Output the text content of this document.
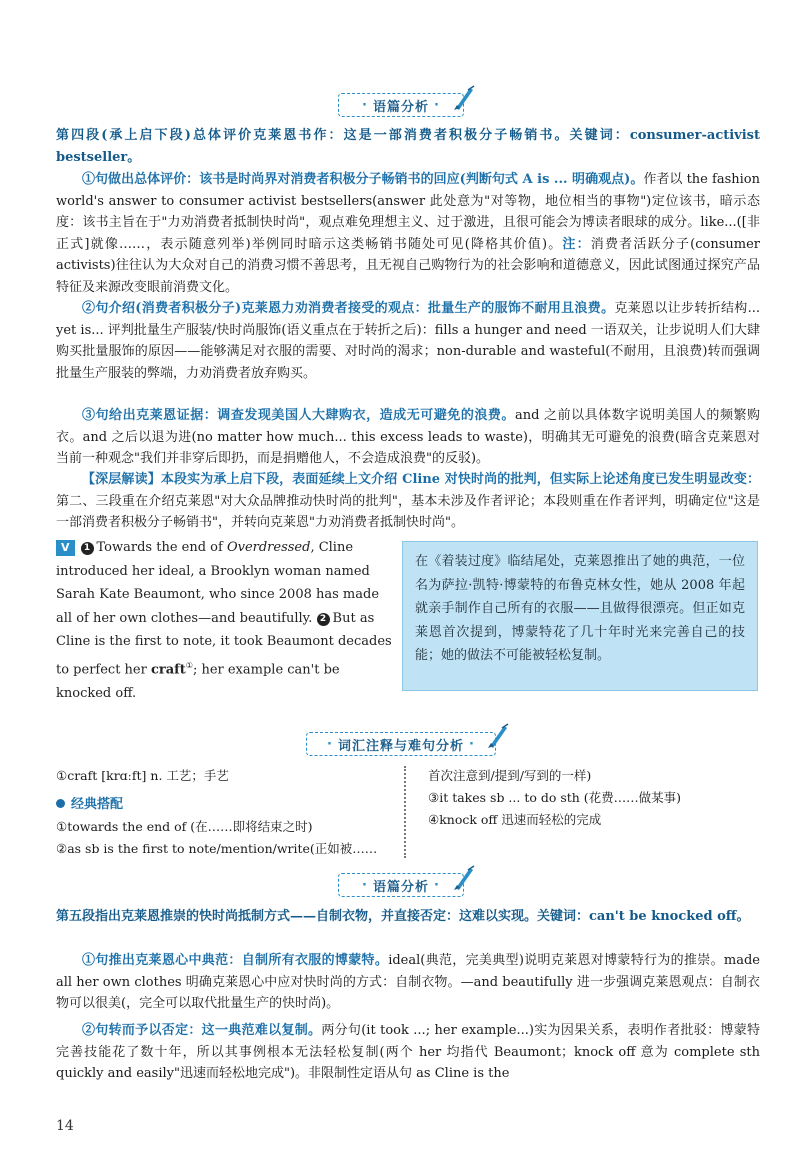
· 语篇分析 ·
第四段(承上启下段)总体评价克莱恩书作：这是一部消费者积极分子畅销书。关键词：consumer-activist bestseller。
①句做出总体评价：该书是时尚界对消费者积极分子畅销书的回应(判断句式 A is ... 明确观点)。作者以 the fashion world's answer to consumer activist bestsellers(answer 此处意为"对等物，地位相当的事物")定位该书，暗示态度：该书主旨在于"力劝消费者抵制快时尚"，观点难免理想主义、过于激进，且很可能会为博读者眼球的成分。like...([非正式]就像……，表示随意列举)举例同时暗示这类畅销书随处可见(降格其价值)。注：消费者活跃分子(consumer activists)往往认为大众对自己的消费习惯不善思考，且无视自己购物行为的社会影响和道德意义，因此试图通过探究产品特征及来源改变眼前消费文化。
②句介绍(消费者积极分子)克莱恩力劝消费者接受的观点：批量生产的服饰不耐用且浪费。克莱恩以让步转折结构... yet is... 评判批量生产服装/快时尚服饰(语义重点在于转折之后)：fills a hunger and need 一语双关，让步说明人们大肆购买批量服饰的原因——能够满足对衣服的需要、对时尚的渴求；non-durable and wasteful(不耐用，且浪费)转而强调批量生产服装的弊端，力劝消费者放弃购买。
③句给出克莱恩证据：调查发现美国人大肆购衣，造成无可避免的浪费。and 之前以具体数字说明美国人的频繁购衣。and 之后以退为进(no matter how much... this excess leads to waste)，明确其无可避免的浪费(暗含克莱恩对当前一种观念"我们并非穿后即扔，而是捐赠他人，不会造成浪费"的反驳)。
【深层解读】本段实为承上启下段，表面延续上文介绍 Cline 对快时尚的批判，但实际上论述角度已发生明显改变：第二、三段重在介绍克莱恩"对大众品牌推动快时尚的批判"，基本未涉及作者评论；本段则重在作者评判，明确定位"这是一部消费者积极分子畅销书"，并转向克莱恩"力劝消费者抵制快时尚"。
V 1 Towards the end of Overdressed, Cline introduced her ideal, a Brooklyn woman named Sarah Kate Beaumont, who since 2008 has made all of her own clothes—and beautifully. 2 But as Cline is the first to note, it took Beaumont decades to perfect her craft①; her example can't be knocked off.
在《着装过度》临结尾处，克莱恩推出了她的典范，一位名为萨拉·凯特·博蒙特的布鲁克林女性，她从 2008 年起就亲手制作自己所有的衣服——且做得很漂亮。但正如克莱恩首次提到，博蒙特花了几十年时光来完善自己的技能；她的做法不可能被轻松复制。
· 词汇注释与难句分析 ·
①craft [krɑːft] n. 工艺；手艺
经典搭配
①towards the end of (在……即将结束之时)
②as sb is the first to note/mention/write(正如被……
首次注意到/提到/写到的一样)
③it takes sb ... to do sth (花费……做某事)
④knock off 迅速而轻松的完成
· 语篇分析 ·
第五段指出克莱恩推崇的快时尚抵制方式——自制衣物，并直接否定：这难以实现。关键词：can't be knocked off。
①句推出克莱恩心中典范：自制所有衣服的博蒙特。ideal(典范，完美典型)说明克莱恩对博蒙特行为的推崇。made all her own clothes 明确克莱恩心中应对快时尚的方式：自制衣物。—and beautifully 进一步强调克莱恩观点：自制衣物可以很美(，完全可以取代批量生产的快时尚)。
②句转而予以否定：这一典范难以复制。两分句(it took ...; her example...)实为因果关系，表明作者批驳：博蒙特完善技能花了数十年，所以其事例根本无法轻松复制(两个 her 均指代 Beaumont；knock off 意为 complete sth quickly and easily"迅速而轻松地完成")。非限制性定语从句 as Cline is the
14
